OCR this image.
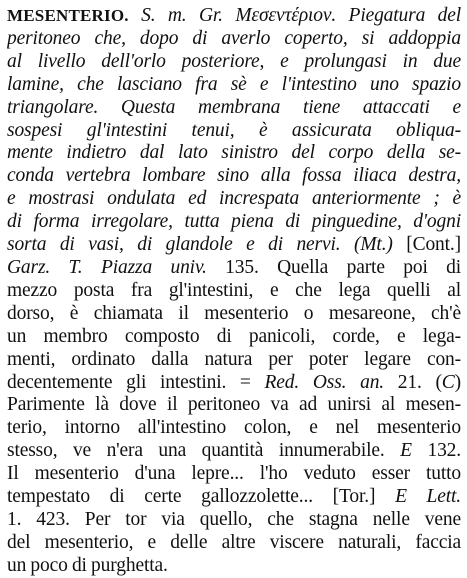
MESENTERIO. S. m. Gr. Μεσεντέριον. Piegatura del
peritoneo che, dopo di averlo coperto, si addoppia
al livello dell'orlo posteriore, e prolungasi in due
lamine, che lasciano fra sè e l'intestino uno spazio
triangolare. Questa membrana tiene attaccati e
sospesi gl'intestini tenui, è assicurata obliqua-
mente indietro dal lato sinistro del corpo della se-
conda vertebra lombare sino alla fossa iliaca destra,
e mostrasi ondulata ed increspata anteriormente ; è
di forma irregolare, tutta piena di pinguedine, d'ogni
sorta di vasi, di glandole e di nervi. (Mt.) [Cont.]
Garz. T. Piazza univ. 135. Quella parte poi di
mezzo posta fra gl'intestini, e che lega quelli al
dorso, è chiamata il mesenterio o mesareone, ch'è
un membro composto di panicoli, corde, e lega-
menti, ordinato dalla natura per poter legare con-
decentemente gli intestini. = Red. Oss. an. 21. (C)
Parimente là dove il peritoneo va ad unirsi al mesen-
terio, intorno all'intestino colon, e nel mesenterio
stesso, ve n'era una quantità innumerabile. E 132.
Il mesenterio d'una lepre... l'ho veduto esser tutto
tempestato di certe gallozzolette... [Tor.] E Lett.
1. 423. Per tor via quello, che stagna nelle vene
del mesenterio, e delle altre viscere naturali, faccia
un poco di purghetta.
